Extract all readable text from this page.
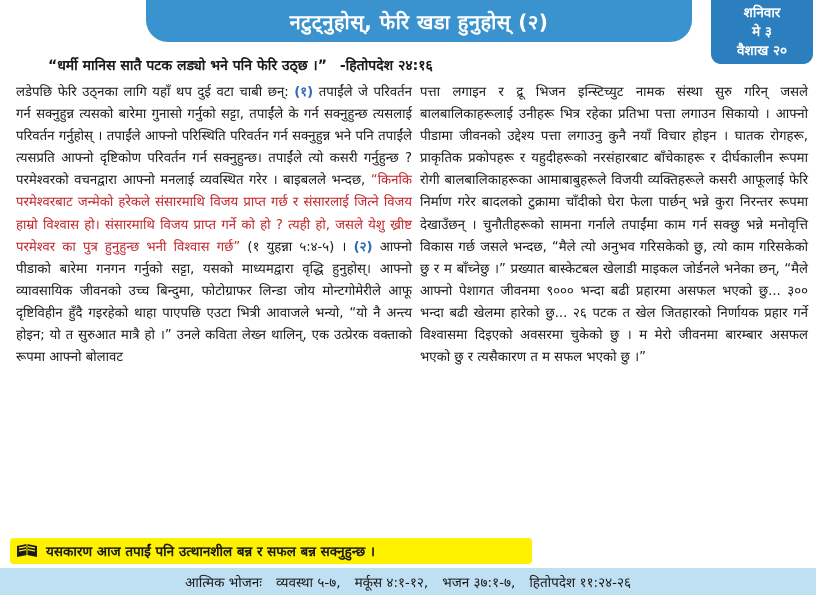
नटुट्नुहोस्, फेरि खडा हुनुहोस् (२)	शनिवार
मे ३
वैशाख २०
“धर्मी मानिस सातै पटक लड्यो भने पनि फेरि उठ्छ ।” -हितोपदेश २४:१६
लडेपछि फेरि उठ्नका लागि यहाँ थप दुई वटा चाबी छन्: (१) तपाईंले जे परिवर्तन गर्न सक्नुहुन्न त्यसको बारेमा गुनासो गर्नुको सट्टा, तपाईंले के गर्न सक्नुहुन्छ त्यसलाई परिवर्तन गर्नुहोस् । तपाईंले आफ्नो परिस्थिति परिवर्तन गर्न सक्नुहुन्न भने पनि तपाईंले त्यसप्रति आफ्नो दृष्टिकोण परिवर्तन गर्न सक्नुहुन्छ। तपाईंले त्यो कसरी गर्नुहुन्छ ? परमेश्वरको वचनद्वारा आफ्नो मनलाई व्यवस्थित गरेर । बाइबलले भन्दछ, “किनकि परमेश्वरबाट जन्मेको हरेकले संसारमाथि विजय प्राप्त गर्छ र संसारलाई जित्ने विजय हाम्रो विश्वास हो। संसारमाथि विजय प्राप्त गर्ने को हो ? त्यही हो, जसले येशु ख्रीष्ट परमेश्वर का पुत्र हुनुहुन्छ भनी विश्वास गर्छ” (१ युहन्ना ५:४-५) । (२) आफ्नो पीडाको बारेमा गनगन गर्नुको सट्टा, यसको माध्यमद्वारा वृद्धि हुनुहोस्। आफ्नो व्यावसायिक जीवनको उच्च बिन्दुमा, फोटोग्राफर लिन्डा जोय मोन्टगोमेरीले आफू दृष्टिविहीन हुँदै गइरहेको थाहा पाएपछि एउटा भित्री आवाजले भन्यो, “यो नै अन्त्य होइन; यो त सुरुआत मात्रै हो ।” उनले कविता लेख्न थालिन्, एक उत्प्रेरक वक्ताको रूपमा आफ्नो बोलावट
पत्ता लगाइन र द्रू भिजन इन्स्टिच्युट नामक संस्था सुरु गरिन् जसले बालबालिकाहरूलाई उनीहरू भित्र रहेका प्रतिभा पत्ता लगाउन सिकायो । आफ्नो पीडामा जीवनको उद्देश्य पत्ता लगाउनु कुनै नयाँ विचार होइन । घातक रोगहरू, प्राकृतिक प्रकोपहरू र यहुदीहरूको नरसंहारबाट बाँचेकाहरू र दीर्घकालीन रूपमा रोगी बालबालिकाहरूका आमाबाबुहरूले विजयी व्यक्तिहरूले कसरी आफूलाई फेरि निर्माण गरेर बादलको टुक्रामा चाँदीको घेरा फेला पार्छन् भन्ने कुरा निरन्तर रूपमा देखाउँछन् । चुनौतीहरूको सामना गर्नाले तपाईंमा काम गर्न सक्छु भन्ने मनोवृत्ति विकास गर्छ जसले भन्दछ, “मैले त्यो अनुभव गरिसकेको छु, त्यो काम गरिसकेको छु र म बाँच्नेछु ।” प्रख्यात बास्केटबल खेलाडी माइकल जोर्डनले भनेका छन्, “मैले आफ्नो पेशागत जीवनमा ९००० भन्दा बढी प्रहारमा असफल भएको छु... ३०० भन्दा बढी खेलमा हारेको छु... २६ पटक त खेल जितहारको निर्णायक प्रहार गर्ने विश्वासमा दिइएको अवसरमा चुकेको छु । म मेरो जीवनमा बारम्बार असफल भएको छु र त्यसैकारण त म सफल भएको छु ।”
यसकारण आज तपाईं पनि उत्थानशील बन्न र सफल बन्न सक्नुहुन्छ ।
आत्मिक भोजनः व्यवस्था ५-७, मर्कूस ४:१-१२, भजन ३७:१-७, हितोपदेश ११:२४-२६
